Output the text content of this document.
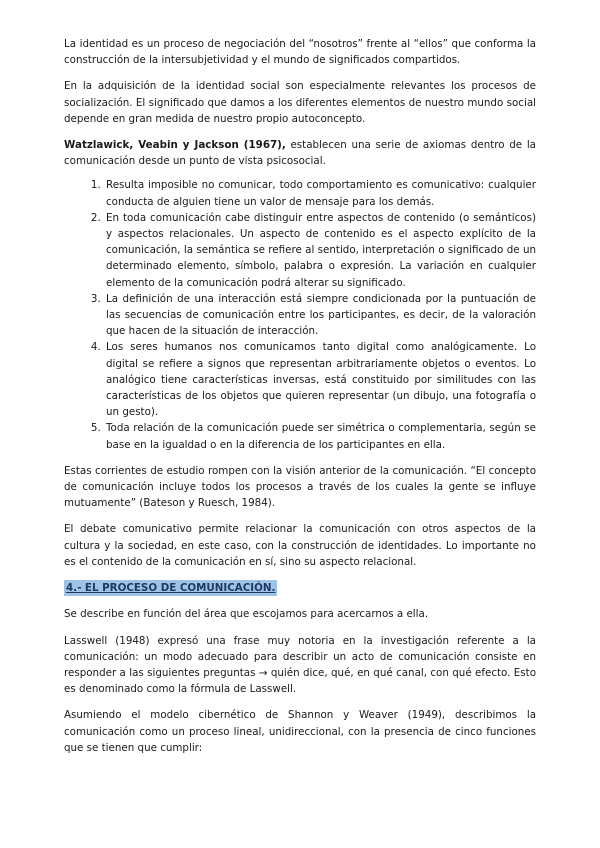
La identidad es un proceso de negociación del “nosotros” frente al “ellos” que conforma la construcción de la intersubjetividad y el mundo de significados compartidos.

En la adquisición de la identidad social son especialmente relevantes los procesos de socialización. El significado que damos a los diferentes elementos de nuestro mundo social depende en gran medida de nuestro propio autoconcepto.

Watzlawick, Veabin y Jackson (1967), establecen una serie de axiomas dentro de la comunicación desde un punto de vista psicosocial.

1. Resulta imposible no comunicar, todo comportamiento es comunicativo: cualquier conducta de alguien tiene un valor de mensaje para los demás.
2. En toda comunicación cabe distinguir entre aspectos de contenido (o semánticos) y aspectos relacionales. Un aspecto de contenido es el aspecto explícito de la comunicación, la semántica se refiere al sentido, interpretación o significado de un determinado elemento, símbolo, palabra o expresión. La variación en cualquier elemento de la comunicación podrá alterar su significado.
3. La definición de una interacción está siempre condicionada por la puntuación de las secuencias de comunicación entre los participantes, es decir, de la valoración que hacen de la situación de interacción.
4. Los seres humanos nos comunicamos tanto digital como analógicamente. Lo digital se refiere a signos que representan arbitrariamente objetos o eventos. Lo analógico tiene características inversas, está constituido por similitudes con las características de los objetos que quieren representar (un dibujo, una fotografía o un gesto).
5. Toda relación de la comunicación puede ser simétrica o complementaria, según se base en la igualdad o en la diferencia de los participantes en ella.

Estas corrientes de estudio rompen con la visión anterior de la comunicación. “El concepto de comunicación incluye todos los procesos a través de los cuales la gente se influye mutuamente” (Bateson y Ruesch, 1984).

El debate comunicativo permite relacionar la comunicación con otros aspectos de la cultura y la sociedad, en este caso, con la construcción de identidades. Lo importante no es el contenido de la comunicación en sí, sino su aspecto relacional.

4.- EL PROCESO DE COMUNICACIÓN.

Se describe en función del área que escojamos para acercarnos a ella.

Lasswell (1948) expresó una frase muy notoria en la investigación referente a la comunicación: un modo adecuado para describir un acto de comunicación consiste en responder a las siguientes preguntas → quién dice, qué, en qué canal, con qué efecto. Esto es denominado como la fórmula de Lasswell.

Asumiendo el modelo cibernético de Shannon y Weaver (1949), describimos la comunicación como un proceso lineal, unidireccional, con la presencia de cinco funciones que se tienen que cumplir:
